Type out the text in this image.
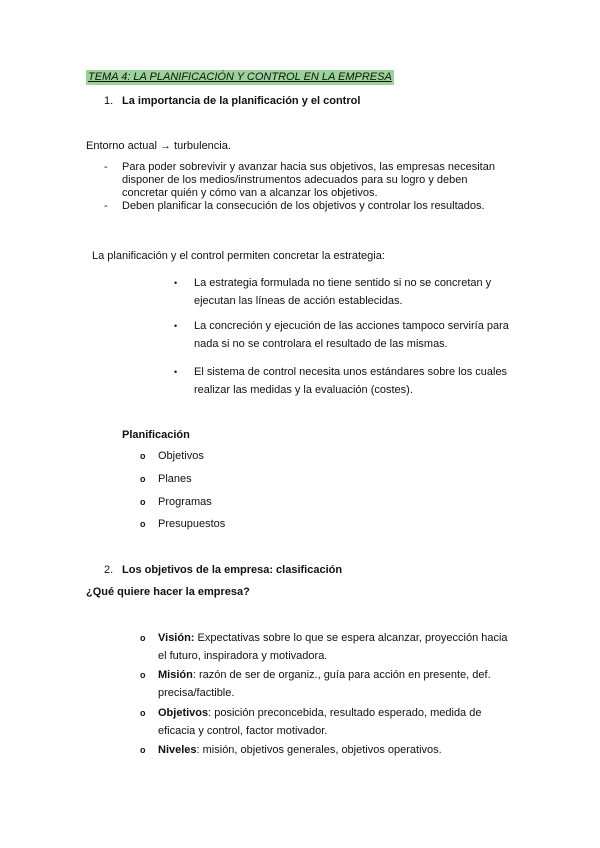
TEMA 4: LA PLANIFICACIÓN Y CONTROL EN LA EMPRESA
1. La importancia de la planificación y el control
Entorno actual → turbulencia.
-	Para poder sobrevivir y avanzar hacia sus objetivos, las empresas necesitan disponer de los medios/instrumentos adecuados para su logro y deben concretar quién y cómo van a alcanzar los objetivos.
-	Deben planificar la consecución de los objetivos y controlar los resultados.
La planificación y el control permiten concretar la estrategia:
•	La estrategia formulada no tiene sentido si no se concretan y
ejecutan las líneas de acción establecidas.
•	La concreción y ejecución de las acciones tampoco serviría para
nada si no se controlara el resultado de las mismas.
•	El sistema de control necesita unos estándares sobre los cuales
realizar las medidas y la evaluación (costes).
Planificación
o Objetivos
o Planes
o Programas
o Presupuestos
2. Los objetivos de la empresa: clasificación
¿Qué quiere hacer la empresa?
o	Visión: Expectativas sobre lo que se espera alcanzar, proyección hacia
el futuro, inspiradora y motivadora.
o	Misión: razón de ser de organiz., guía para acción en presente, def.
precisa/factible.
o	Objetivos: posición preconcebida, resultado esperado, medida de
eficacia y control, factor motivador.
o	Niveles: misión, objetivos generales, objetivos operativos.
